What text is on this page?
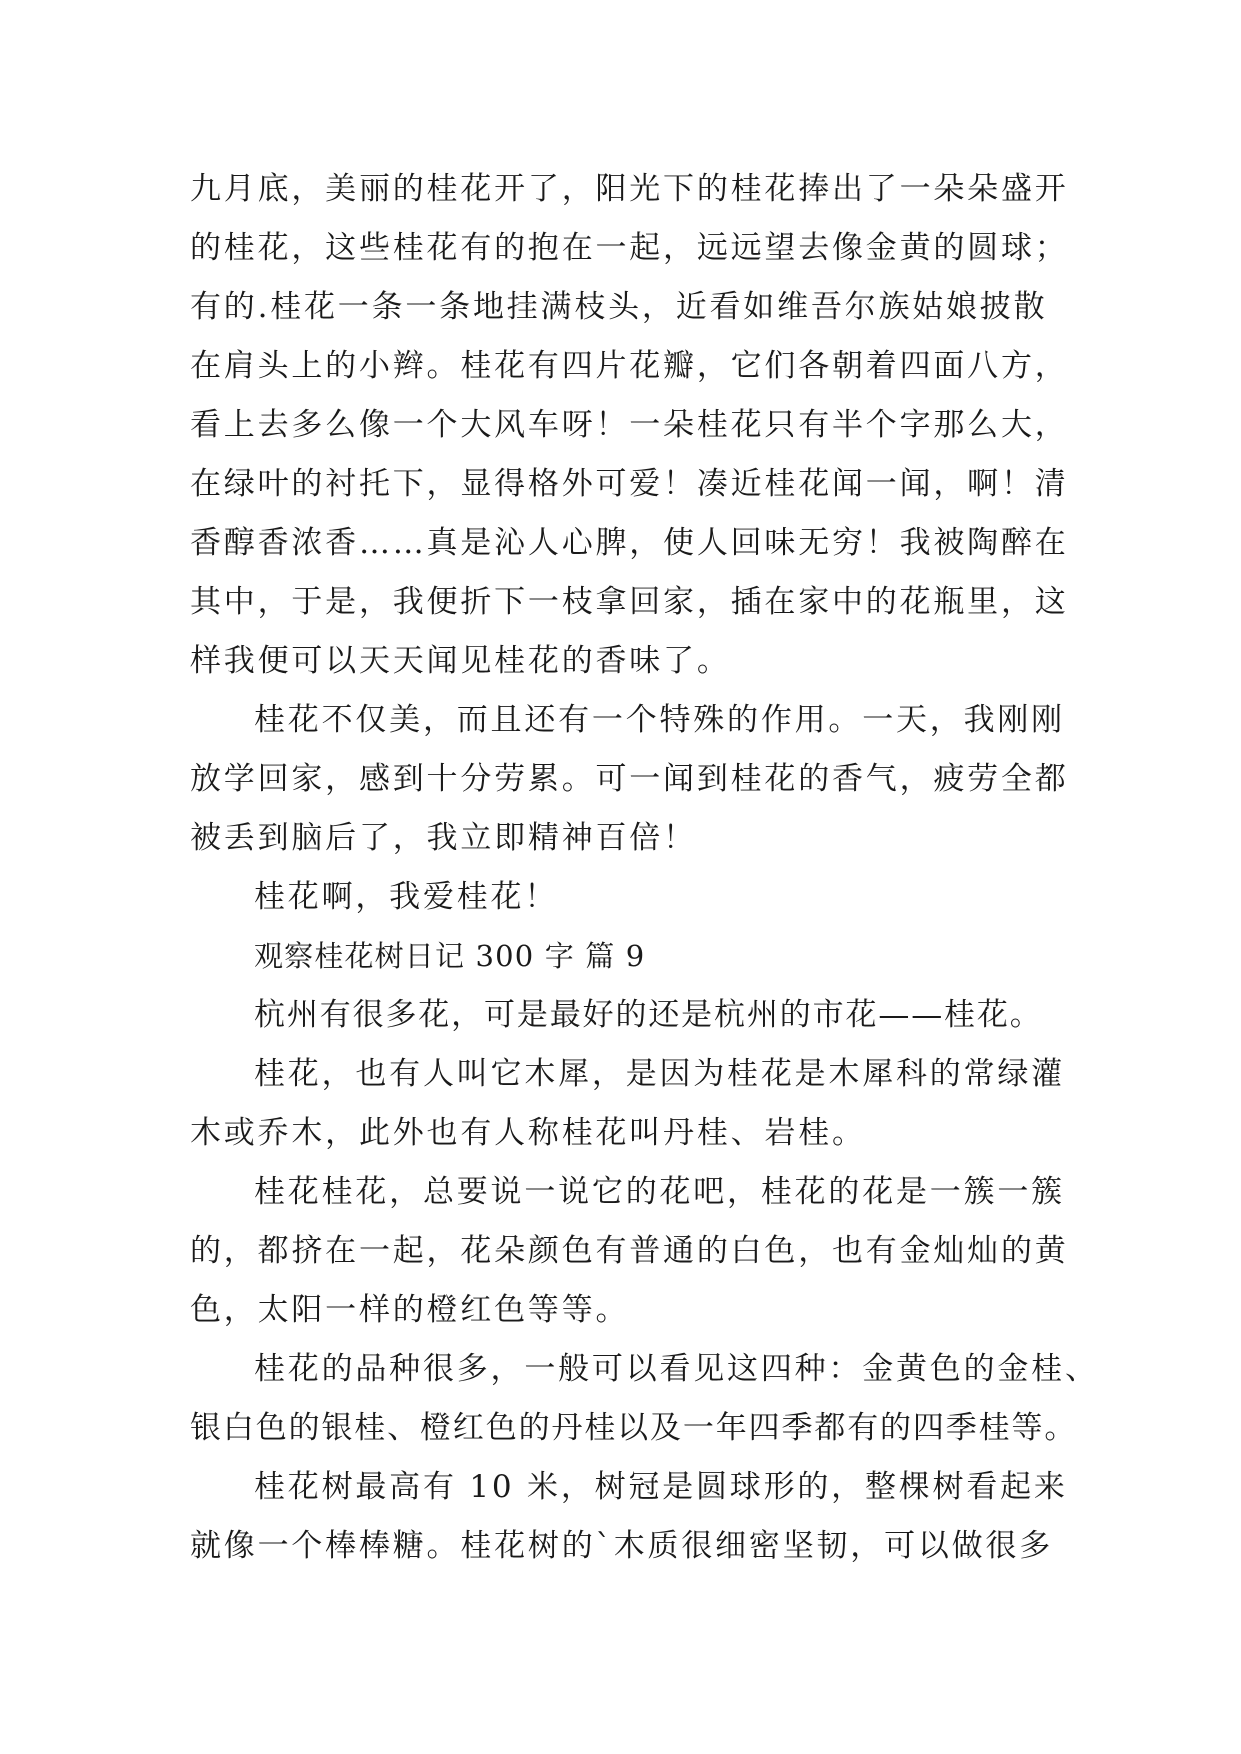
九月底，美丽的桂花开了，阳光下的桂花捧出了一朵朵盛开
的桂花，这些桂花有的抱在一起，远远望去像金黄的圆球；
有的.桂花一条一条地挂满枝头，近看如维吾尔族姑娘披散
在肩头上的小辫。桂花有四片花瓣，它们各朝着四面八方，
看上去多么像一个大风车呀！一朵桂花只有半个字那么大，
在绿叶的衬托下，显得格外可爱！凑近桂花闻一闻，啊！清
香醇香浓香……真是沁人心脾，使人回味无穷！我被陶醉在
其中，于是，我便折下一枝拿回家，插在家中的花瓶里，这
样我便可以天天闻见桂花的香味了。
桂花不仅美，而且还有一个特殊的作用。一天，我刚刚
放学回家，感到十分劳累。可一闻到桂花的香气，疲劳全都
被丢到脑后了，我立即精神百倍！
桂花啊，我爱桂花！
观察桂花树日记 300 字 篇 9
杭州有很多花，可是最好的还是杭州的市花——桂花。
桂花，也有人叫它木犀，是因为桂花是木犀科的常绿灌
木或乔木，此外也有人称桂花叫丹桂、岩桂。
桂花桂花，总要说一说它的花吧，桂花的花是一簇一簇
的，都挤在一起，花朵颜色有普通的白色，也有金灿灿的黄
色，太阳一样的橙红色等等。
桂花的品种很多，一般可以看见这四种：金黄色的金桂、
银白色的银桂、橙红色的丹桂以及一年四季都有的四季桂等。
桂花树最高有 10 米，树冠是圆球形的，整棵树看起来
就像一个棒棒糖。桂花树的`木质很细密坚韧，可以做很多
